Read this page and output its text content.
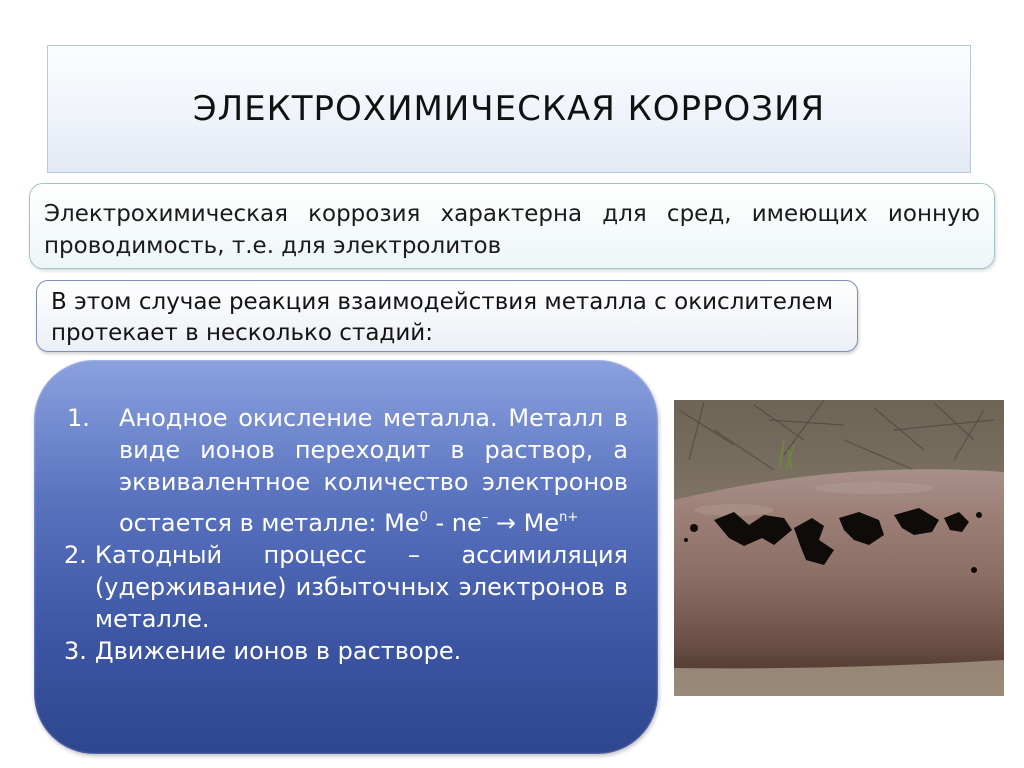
ЭЛЕКТРОХИМИЧЕСКАЯ КОРРОЗИЯ

Электрохимическая коррозия характерна для сред, имеющих ионную проводимость, т.е. для электролитов

В этом случае реакция взаимодействия металла с окислителем протекает в несколько стадий:

1.	Анодное окисление металла. Металл в виде ионов переходит в раствор, а эквивалентное количество электронов остается в металле: $Me^0 - ne^- \to Me^{n+}$
2. Катодный процесс – ассимиляция (удерживание) избыточных электронов в металле.
3. Движение ионов в растворе.
